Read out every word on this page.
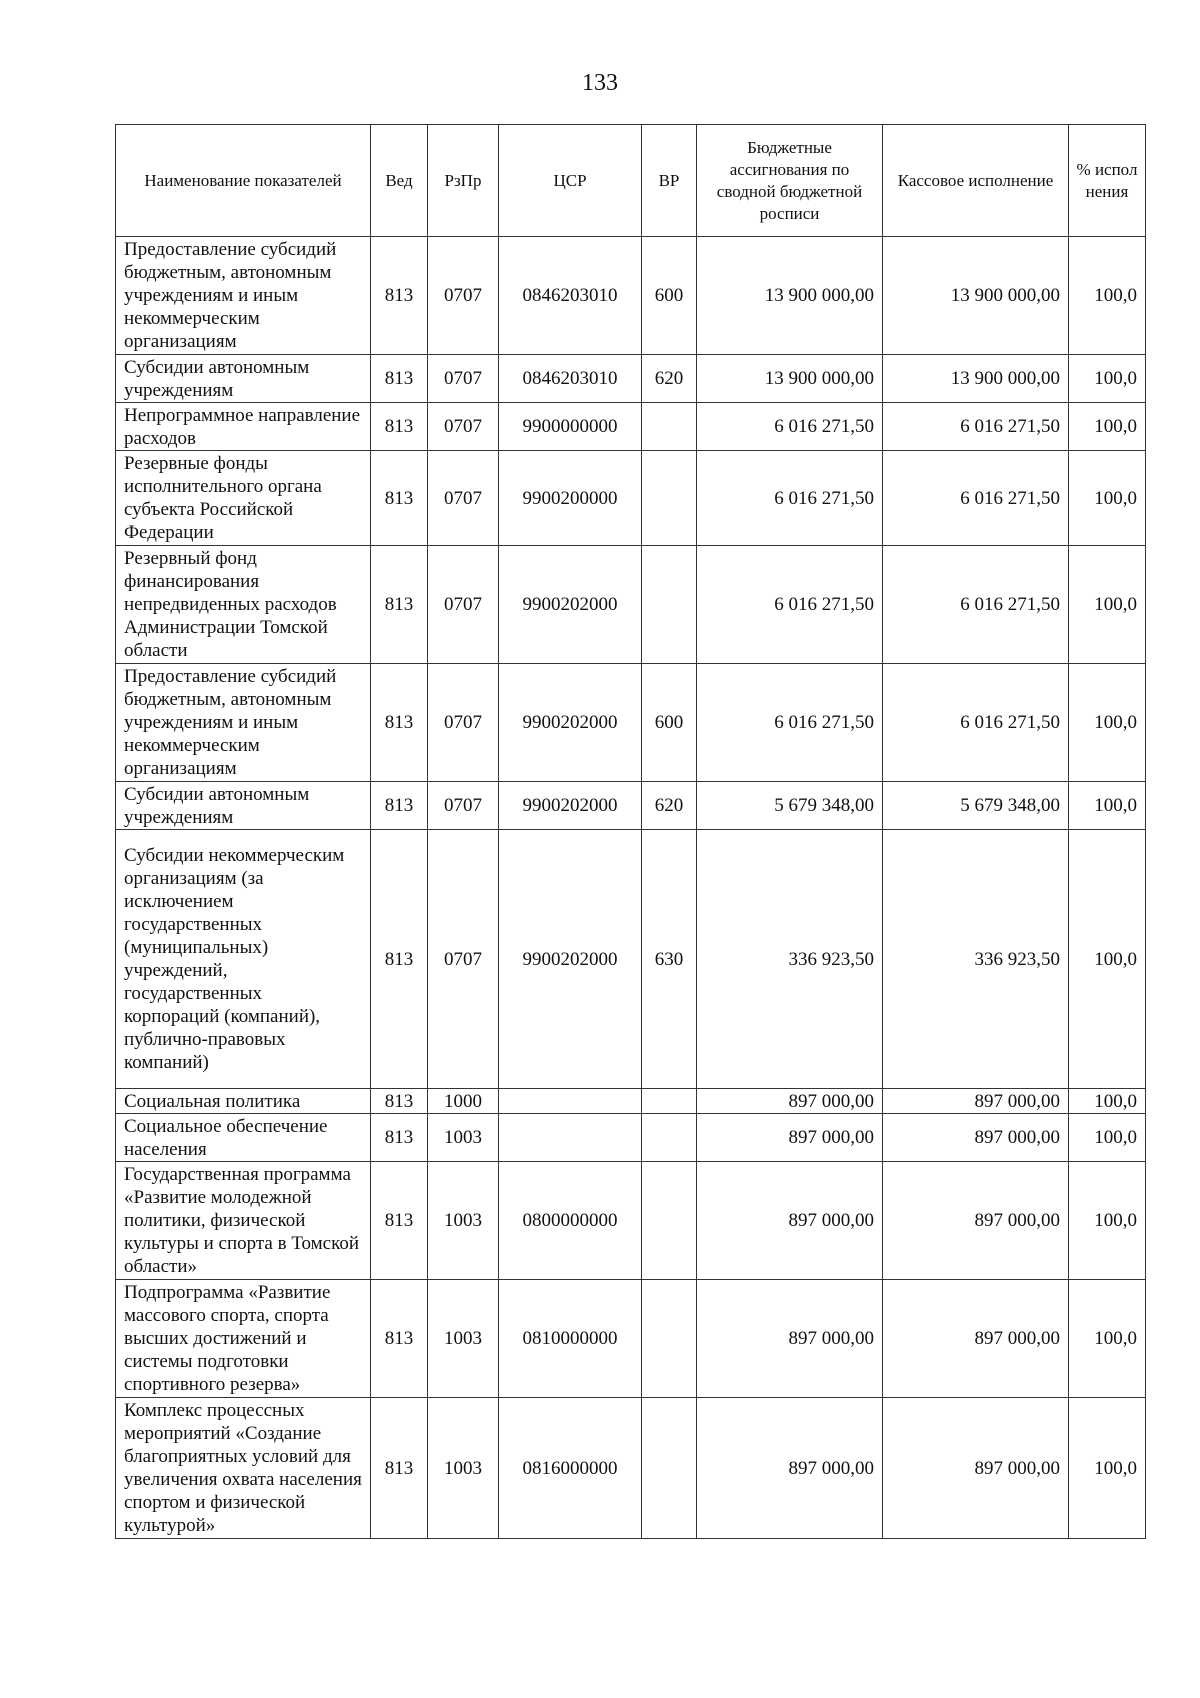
133
Наименование показателей	Вед	РзПр	ЦСР	ВР	Бюджетные ассигнования по сводной бюджетной росписи	Кассовое исполнение	% испол нения
Предоставление субсидий бюджетным, автономным учреждениям и иным некоммерческим организациям	813	0707	0846203010	600	13 900 000,00	13 900 000,00	100,0
Субсидии автономным учреждениям	813	0707	0846203010	620	13 900 000,00	13 900 000,00	100,0
Непрограммное направление расходов	813	0707	9900000000		6 016 271,50	6 016 271,50	100,0
Резервные фонды исполнительного органа субъекта Российской Федерации	813	0707	9900200000		6 016 271,50	6 016 271,50	100,0
Резервный фонд финансирования непредвиденных расходов Администрации Томской области	813	0707	9900202000		6 016 271,50	6 016 271,50	100,0
Предоставление субсидий бюджетным, автономным учреждениям и иным некоммерческим организациям	813	0707	9900202000	600	6 016 271,50	6 016 271,50	100,0
Субсидии автономным учреждениям	813	0707	9900202000	620	5 679 348,00	5 679 348,00	100,0
Субсидии некоммерческим организациям (за исключением государственных (муниципальных) учреждений, государственных корпораций (компаний), публично-правовых компаний)	813	0707	9900202000	630	336 923,50	336 923,50	100,0
Социальная политика	813	1000			897 000,00	897 000,00	100,0
Социальное обеспечение населения	813	1003			897 000,00	897 000,00	100,0
Государственная программа «Развитие молодежной политики, физической культуры и спорта в Томской области»	813	1003	0800000000		897 000,00	897 000,00	100,0
Подпрограмма «Развитие массового спорта, спорта высших достижений и системы подготовки спортивного резерва»	813	1003	0810000000		897 000,00	897 000,00	100,0
Комплекс процессных мероприятий «Создание благоприятных условий для увеличения охвата населения спортом и физической культурой»	813	1003	0816000000		897 000,00	897 000,00	100,0
